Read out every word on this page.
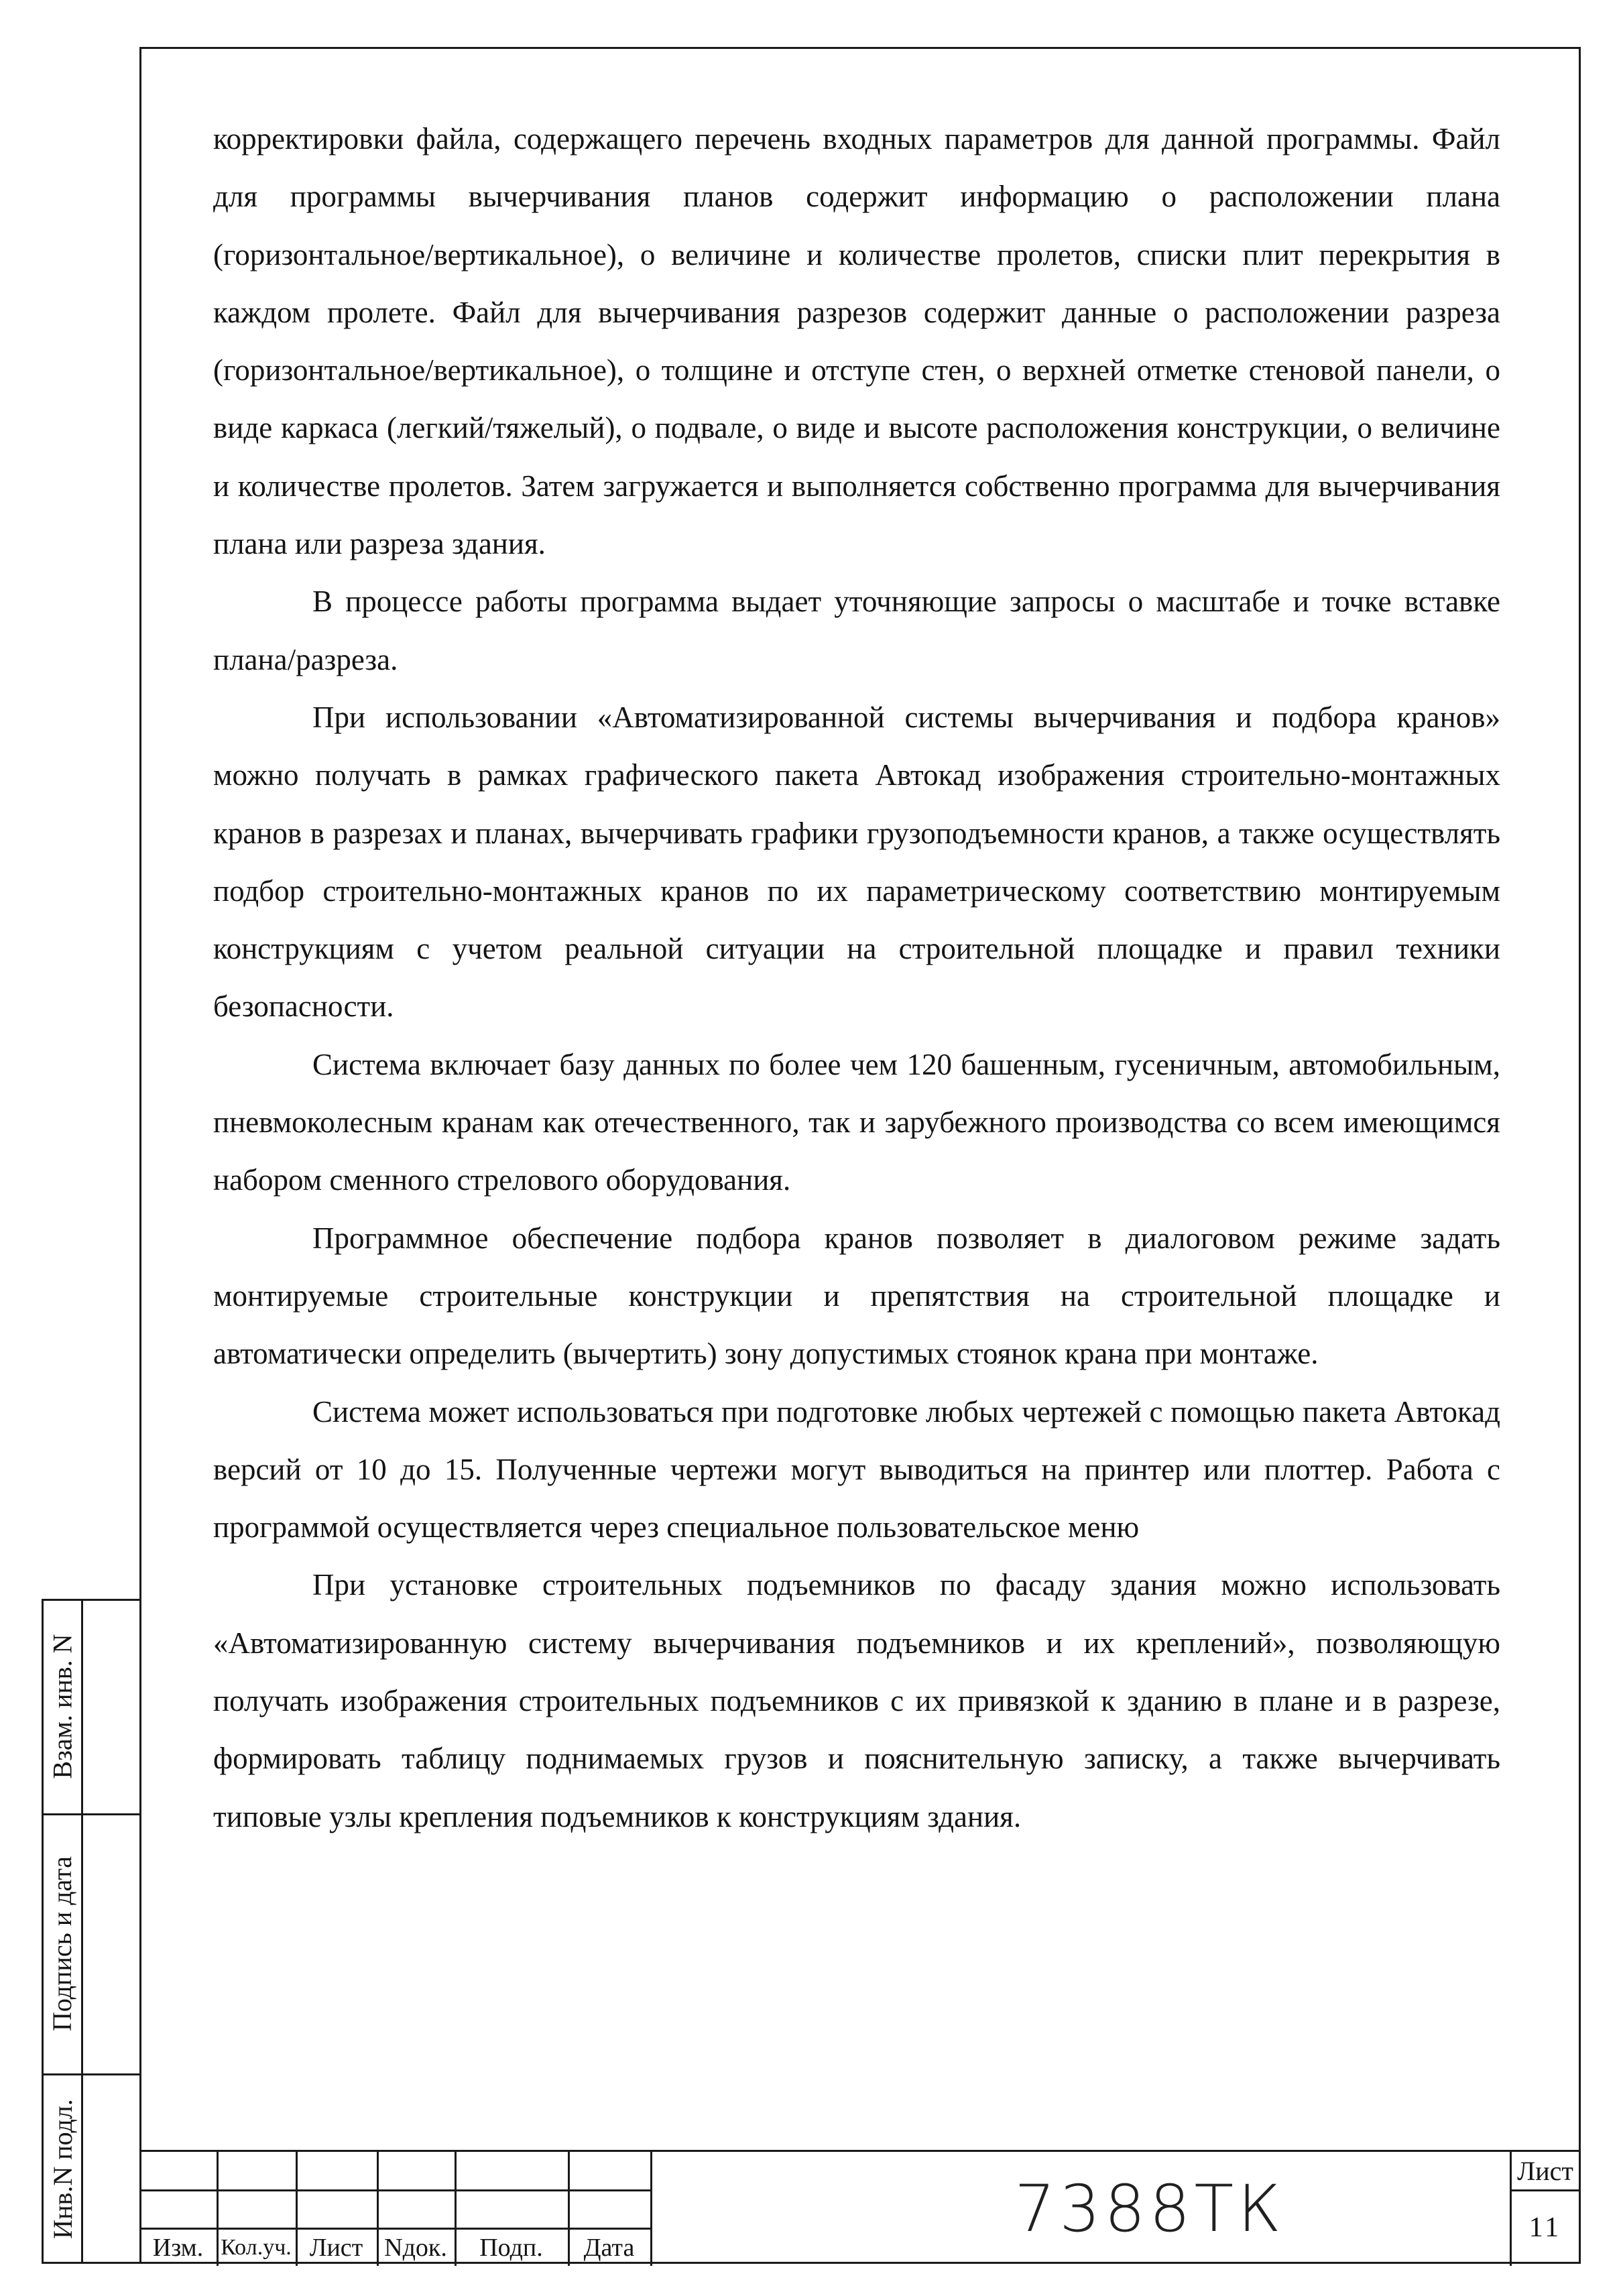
корректировки файла, содержащего перечень входных параметров для данной программы. Файл для программы вычерчивания планов содержит информацию о расположении плана (горизонтальное/вертикальное), о величине и количестве пролетов, списки плит перекрытия в каждом пролете. Файл для вычерчивания разрезов содержит данные о расположении разреза (горизонтальное/вертикальное), о толщине и отступе стен, о верхней отметке стеновой панели, о виде каркаса (легкий/тяжелый), о подвале, о виде и высоте расположения конструкции, о величине и количестве пролетов. Затем загружается и выполняется собственно программа для вычерчивания плана или разреза здания.

В процессе работы программа выдает уточняющие запросы о масштабе и точке вставке плана/разреза.

При использовании «Автоматизированной системы вычерчивания и подбора кранов» можно получать в рамках графического пакета Автокад изображения строительно-монтажных кранов в разрезах и планах, вычерчивать графики грузоподъемности кранов, а также осуществлять подбор строительно-монтажных кранов по их параметрическому соответствию монтируемым конструкциям с учетом реальной ситуации на строительной площадке и правил техники безопасности.

Система включает базу данных по более чем 120 башенным, гусеничным, автомобильным, пневмоколесным кранам как отечественного, так и зарубежного производства со всем имеющимся набором сменного стрелового оборудования.

Программное обеспечение подбора кранов позволяет в диалоговом режиме задать монтируемые строительные конструкции и препятствия на строительной площадке и автоматически определить (вычертить) зону допустимых стоянок крана при монтаже.

Система может использоваться при подготовке любых чертежей с помощью пакета Автокад версий от 10 до 15. Полученные чертежи могут выводиться на принтер или плоттер. Работа с программой осуществляется через специальное пользовательское меню

При установке строительных подъемников по фасаду здания можно использовать «Автоматизированную систему вычерчивания подъемников и их креплений», позволяющую получать изображения строительных подъемников с их привязкой к зданию в плане и в разрезе, формировать таблицу поднимаемых грузов и пояснительную записку, а также вычерчивать типовые узлы крепления подъемников к конструкциям здания.

Взам. инв. N
Подпись и дата
Инв.N подл.
Изм. Кол.уч. Лист Nдок.	Подп.	Дата
7388ТК
Лист
11
